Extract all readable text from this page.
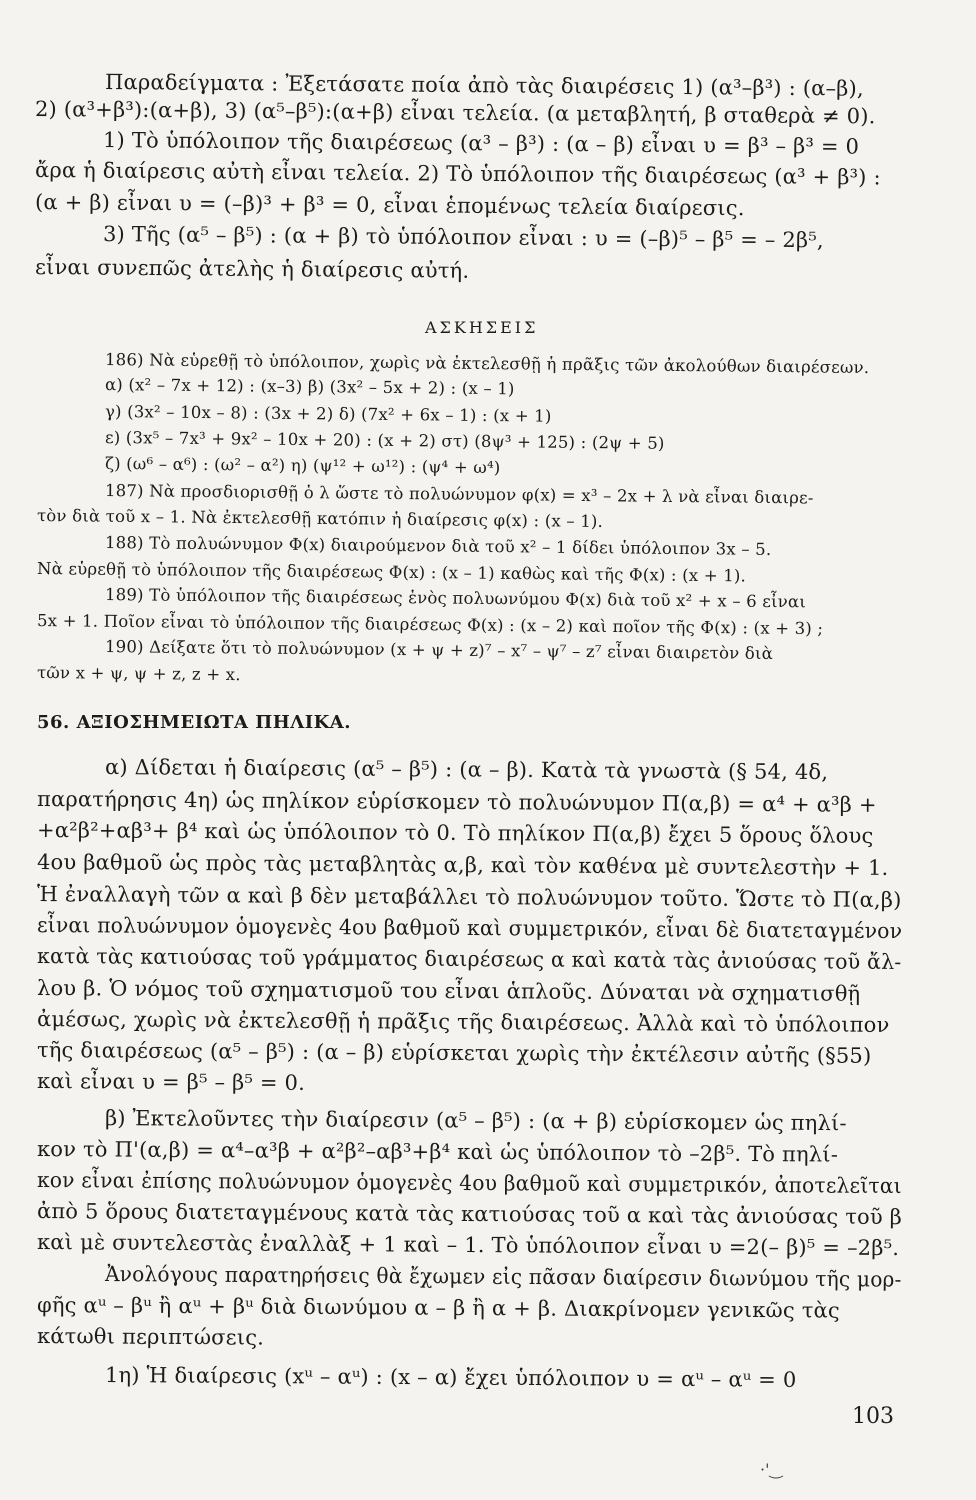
Παραδείγματα : Ἐξετάσατε ποία ἀπὸ τὰς διαιρέσεις 1) (α³–β³) : (α–β),
2) (α³+β³):(α+β), 3) (α⁵–β⁵):(α+β) εἶναι τελεία. (α μεταβλητή, β σταθερὰ ≠ 0).
1) Τὸ ὑπόλοιπον τῆς διαιρέσεως (α³ – β³) : (α – β) εἶναι υ = β³ – β³ = 0
ἄρα ἡ διαίρεσις αὐτὴ εἶναι τελεία. 2) Τὸ ὑπόλοιπον τῆς διαιρέσεως (α³ + β³) :
(α + β) εἶναι υ = (–β)³ + β³ = 0, εἶναι ἑπομένως τελεία διαίρεσις.
3) Τῆς (α⁵ – β⁵) : (α + β) τὸ ὑπόλοιπον εἶναι : υ = (–β)⁵ – β⁵ = – 2β⁵,
εἶναι συνεπῶς ἀτελὴς ἡ διαίρεσις αὐτή.
ΑΣΚΗΣΕΙΣ
186) Νὰ εὑρεθῇ τὸ ὑπόλοιπον, χωρὶς νὰ ἐκτελεσθῇ ἡ πρᾶξις τῶν ἀκολούθων διαιρέσεων.
α) (x² – 7x + 12) : (x–3) β) (3x² – 5x + 2) : (x – 1)
γ) (3x² – 10x – 8) : (3x + 2) δ) (7x² + 6x – 1) : (x + 1)
ε) (3x⁵ – 7x³ + 9x² – 10x + 20) : (x + 2) στ) (8ψ³ + 125) : (2ψ + 5)
ζ) (ω⁶ – α⁶) : (ω² – α²) η) (ψ¹² + ω¹²) : (ψ⁴ + ω⁴)
187) Νὰ προσδιορισθῇ ὁ λ ὥστε τὸ πολυώνυμον φ(x) = x³ – 2x + λ νὰ εἶναι διαιρε-
τὸν διὰ τοῦ x – 1. Νὰ ἐκτελεσθῇ κατόπιν ἡ διαίρεσις φ(x) : (x – 1).
188) Τὸ πολυώνυμον Φ(x) διαιρούμενον διὰ τοῦ x² – 1 δίδει ὑπόλοιπον 3x – 5.
Νὰ εὑρεθῇ τὸ ὑπόλοιπον τῆς διαιρέσεως Φ(x) : (x – 1) καθὼς καὶ τῆς Φ(x) : (x + 1).
189) Τὸ ὑπόλοιπον τῆς διαιρέσεως ἑνὸς πολυωνύμου Φ(x) διὰ τοῦ x² + x – 6 εἶναι
5x + 1. Ποῖον εἶναι τὸ ὑπόλοιπον τῆς διαιρέσεως Φ(x) : (x – 2) καὶ ποῖον τῆς Φ(x) : (x + 3) ;
190) Δείξατε ὅτι τὸ πολυώνυμον (x + ψ + z)⁷ – x⁷ – ψ⁷ – z⁷ εἶναι διαιρετὸν διὰ
τῶν x + ψ, ψ + z, z + x.
56. ΑΞΙΟΣΗΜΕΙΩΤΑ ΠΗΛΙΚΑ.
α) Δίδεται ἡ διαίρεσις (α⁵ – β⁵) : (α – β). Κατὰ τὰ γνωστὰ (§ 54, 4δ,
παρατήρησις 4η) ὡς πηλίκον εὑρίσκομεν τὸ πολυώνυμον Π(α,β) = α⁴ + α³β +
+α²β²+αβ³+ β⁴ καὶ ὡς ὑπόλοιπον τὸ 0. Τὸ πηλίκον Π(α,β) ἔχει 5 ὅρους ὅλους
4ου βαθμοῦ ὡς πρὸς τὰς μεταβλητὰς α,β, καὶ τὸν καθένα μὲ συντελεστὴν + 1.
Ἡ ἐναλλαγὴ τῶν α καὶ β δὲν μεταβάλλει τὸ πολυώνυμον τοῦτο. Ὥστε τὸ Π(α,β)
εἶναι πολυώνυμον ὁμογενὲς 4ου βαθμοῦ καὶ συμμετρικόν, εἶναι δὲ διατεταγμένον
κατὰ τὰς κατιούσας τοῦ γράμματος διαιρέσεως α καὶ κατὰ τὰς ἀνιούσας τοῦ ἄλ-
λου β. Ὁ νόμος τοῦ σχηματισμοῦ του εἶναι ἁπλοῦς. Δύναται νὰ σχηματισθῇ
ἀμέσως, χωρὶς νὰ ἐκτελεσθῇ ἡ πρᾶξις τῆς διαιρέσεως. Ἀλλὰ καὶ τὸ ὑπόλοιπον
τῆς διαιρέσεως (α⁵ – β⁵) : (α – β) εὑρίσκεται χωρὶς τὴν ἐκτέλεσιν αὐτῆς (§55)
καὶ εἶναι υ = β⁵ – β⁵ = 0.
β) Ἐκτελοῦντες τὴν διαίρεσιν (α⁵ – β⁵) : (α + β) εὑρίσκομεν ὡς πηλί-
κον τὸ Π'(α,β) = α⁴–α³β + α²β²–αβ³+β⁴ καὶ ὡς ὑπόλοιπον τὸ –2β⁵. Τὸ πηλί-
κον εἶναι ἐπίσης πολυώνυμον ὁμογενὲς 4ου βαθμοῦ καὶ συμμετρικόν, ἀποτελεῖται
ἀπὸ 5 ὅρους διατεταγμένους κατὰ τὰς κατιούσας τοῦ α καὶ τὰς ἀνιούσας τοῦ β
καὶ μὲ συντελεστὰς ἐναλλὰξ + 1 καὶ – 1. Τὸ ὑπόλοιπον εἶναι υ =2(– β)⁵ = –2β⁵.
Ἀνολόγους παρατηρήσεις θὰ ἔχωμεν εἰς πᾶσαν διαίρεσιν διωνύμου τῆς μορ-
φῆς αᵘ – βᵘ ἢ αᵘ + βᵘ διὰ διωνύμου α – β ἢ α + β. Διακρίνομεν γενικῶς τὰς
κάτωθι περιπτώσεις.
1η) Ἡ διαίρεσις (xᵘ – αᵘ) : (x – α) ἔχει ὑπόλοιπον υ = αᵘ – αᵘ = 0
103
·'‿
